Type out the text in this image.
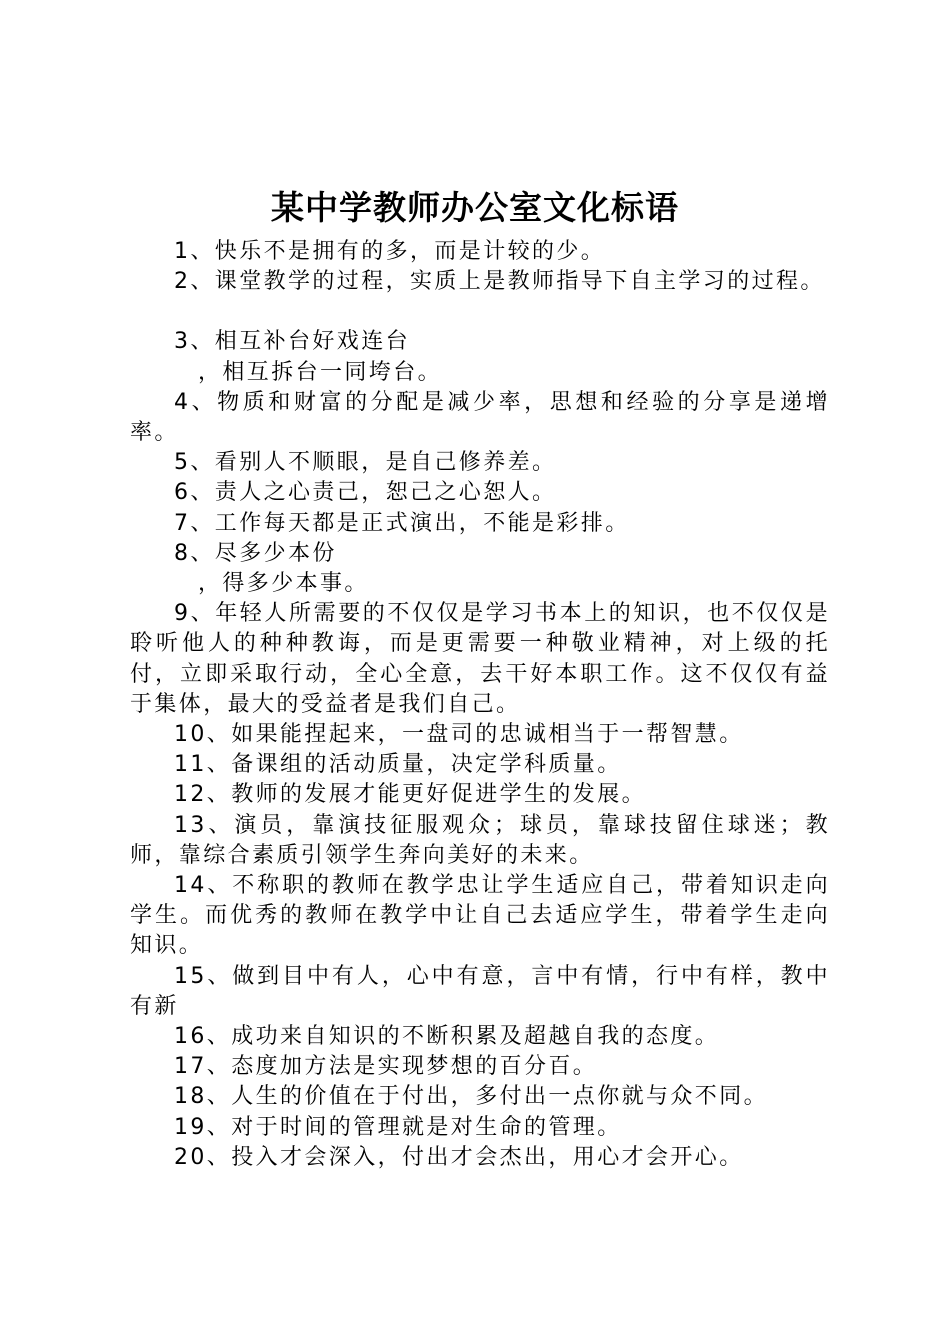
某中学教师办公室文化标语

1、快乐不是拥有的多，而是计较的少。

2、课堂教学的过程，实质上是教师指导下自主学习的过程。

3、相互补台好戏连台

，相互拆台一同垮台。

4、物质和财富的分配是减少率，思想和经验的分享是递增率。

5、看别人不顺眼，是自己修养差。

6、责人之心责己，恕己之心恕人。

7、工作每天都是正式演出，不能是彩排。

8、尽多少本份

，得多少本事。

9、年轻人所需要的不仅仅是学习书本上的知识，也不仅仅是聆听他人的种种教诲，而是更需要一种敬业精神，对上级的托付，立即采取行动，全心全意，去干好本职工作。这不仅仅有益于集体，最大的受益者是我们自己。

10、如果能捏起来，一盘司的忠诚相当于一帮智慧。

11、备课组的活动质量，决定学科质量。

12、教师的发展才能更好促进学生的发展。

13、演员，靠演技征服观众；球员，靠球技留住球迷；教师，靠综合素质引领学生奔向美好的未来。

14、不称职的教师在教学忠让学生适应自己，带着知识走向学生。而优秀的教师在教学中让自己去适应学生，带着学生走向知识。

15、做到目中有人，心中有意，言中有情，行中有样，教中有新

16、成功来自知识的不断积累及超越自我的态度。

17、态度加方法是实现梦想的百分百。

18、人生的价值在于付出，多付出一点你就与众不同。

19、对于时间的管理就是对生命的管理。

20、投入才会深入，付出才会杰出，用心才会开心。
